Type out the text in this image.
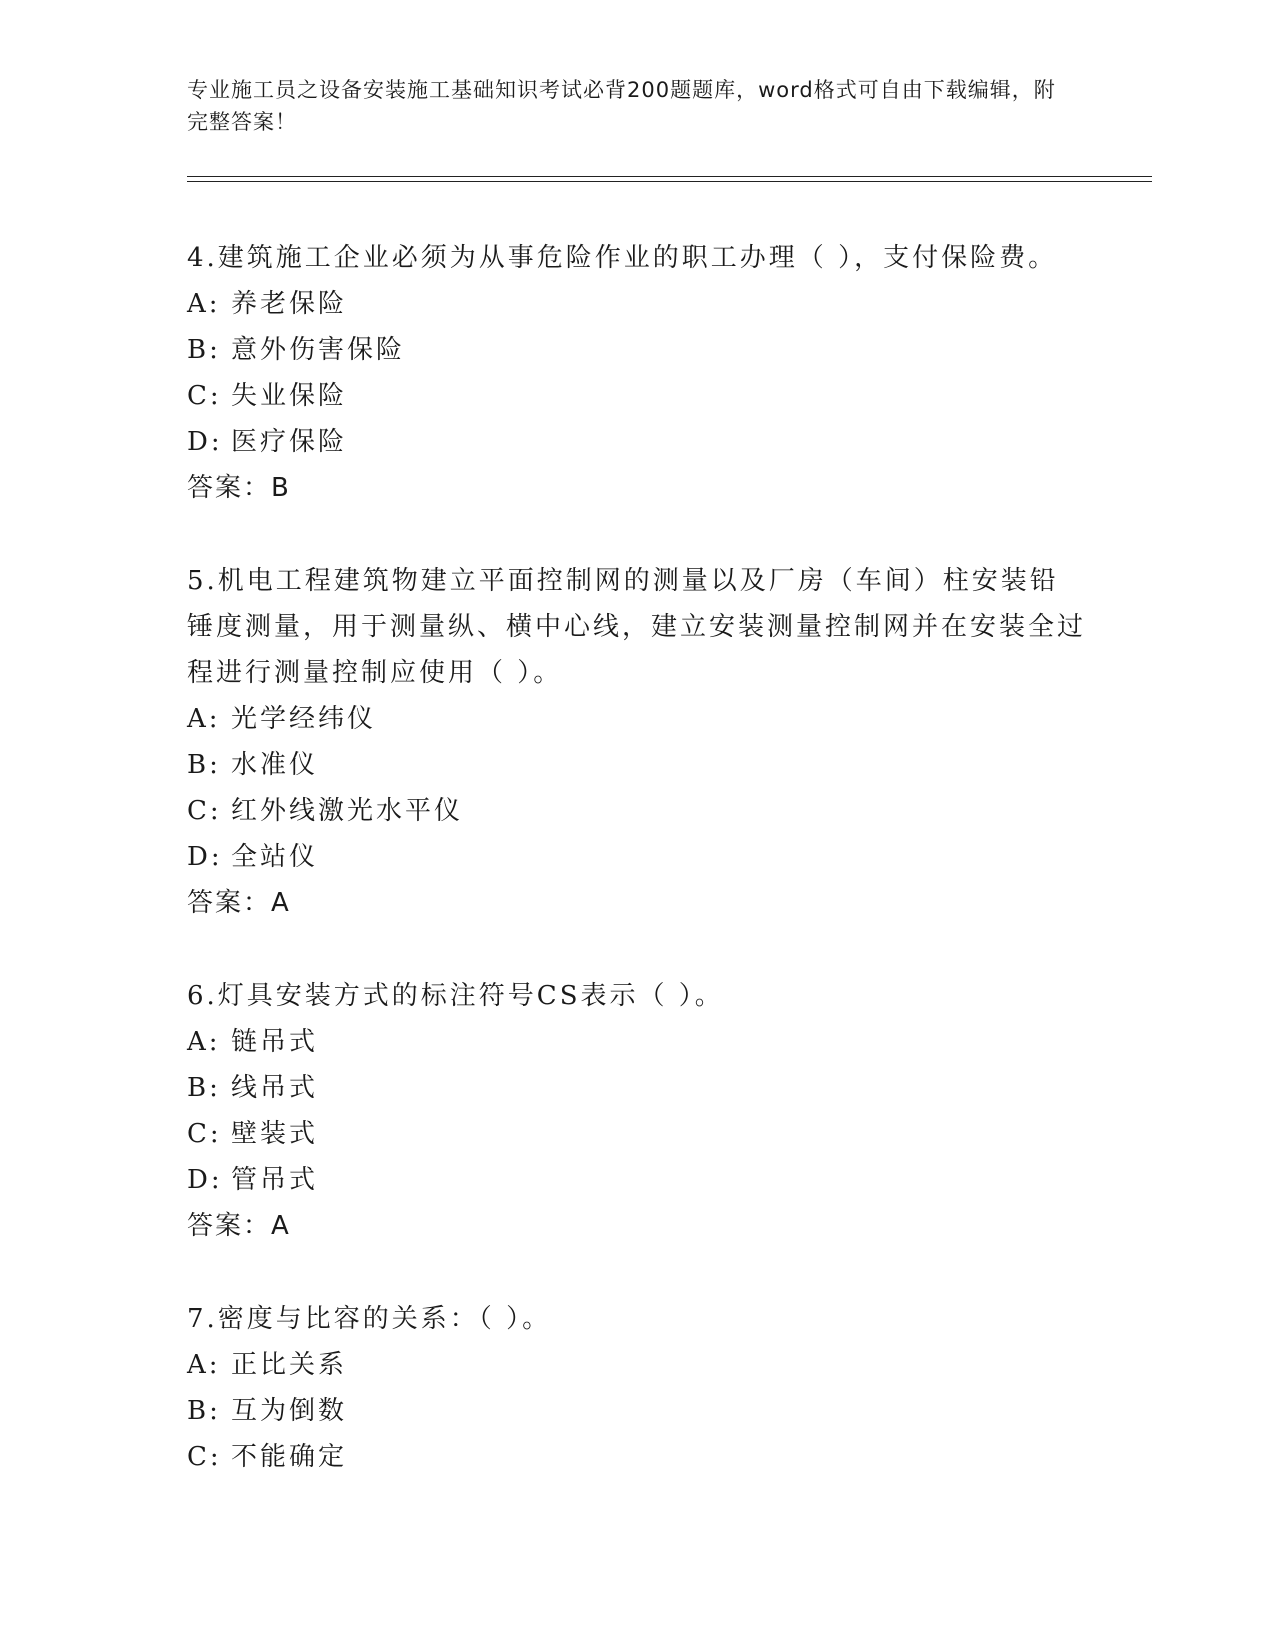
专业施工员之设备安装施工基础知识考试必背200题题库，word格式可自由下载编辑，附完整答案！

4.建筑施工企业必须为从事危险作业的职工办理（ ），支付保险费。

A: 养老保险

B: 意外伤害保险

C: 失业保险

D: 医疗保险

答案：B

5.机电工程建筑物建立平面控制网的测量以及厂房（车间）柱安装铅锤度测量，用于测量纵、横中心线，建立安装测量控制网并在安装全过程进行测量控制应使用（ ）。

A: 光学经纬仪

B: 水准仪

C: 红外线激光水平仪

D: 全站仪

答案：A

6.灯具安装方式的标注符号CS表示（ ）。

A: 链吊式

B: 线吊式

C: 壁装式

D: 管吊式

答案：A

7.密度与比容的关系：（ ）。

A: 正比关系

B: 互为倒数

C: 不能确定
